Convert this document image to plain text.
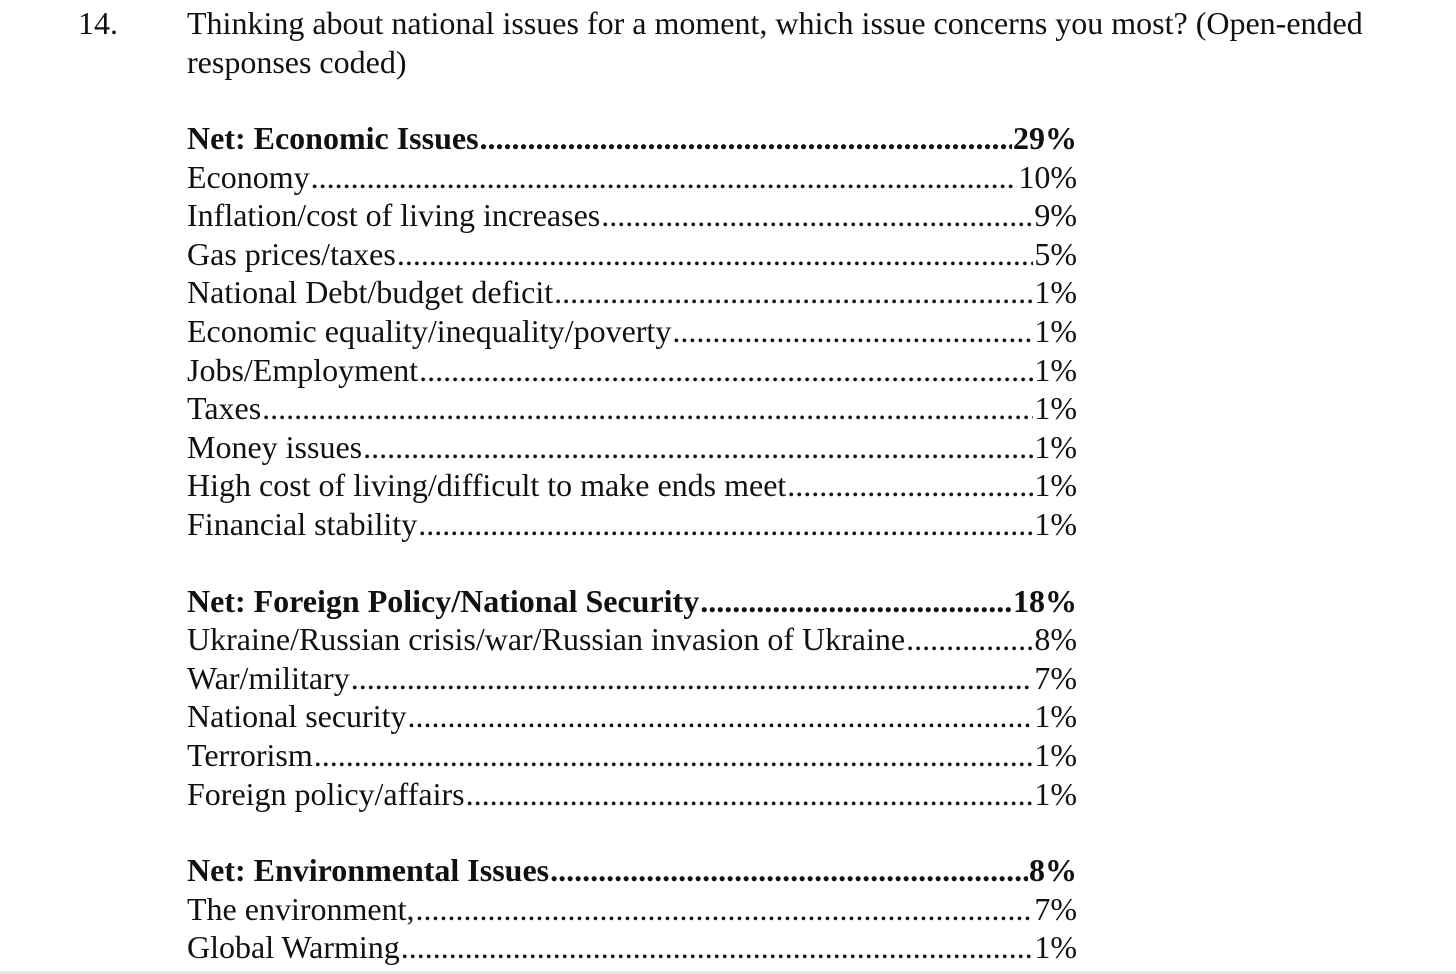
14. Thinking about national issues for a moment, which issue concerns you most? (Open-ended responses coded)
Net: Economic Issues .....	29%
Economy .....	10%
Inflation/cost of living increases .....	9%
Gas prices/taxes .....	5%
National Debt/budget deficit .....	1%
Economic equality/inequality/poverty .....	1%
Jobs/Employment .....	1%
Taxes .....	1%
Money issues .....	1%
High cost of living/difficult to make ends meet .....	1%
Financial stability .....	1%
Net: Foreign Policy/National Security .....	18%
Ukraine/Russian crisis/war/Russian invasion of Ukraine .....	8%
War/military .....	7%
National security .....	1%
Terrorism .....	1%
Foreign policy/affairs .....	1%
Net: Environmental Issues .....	8%
The environment, .....	7%
Global Warming .....	1%
